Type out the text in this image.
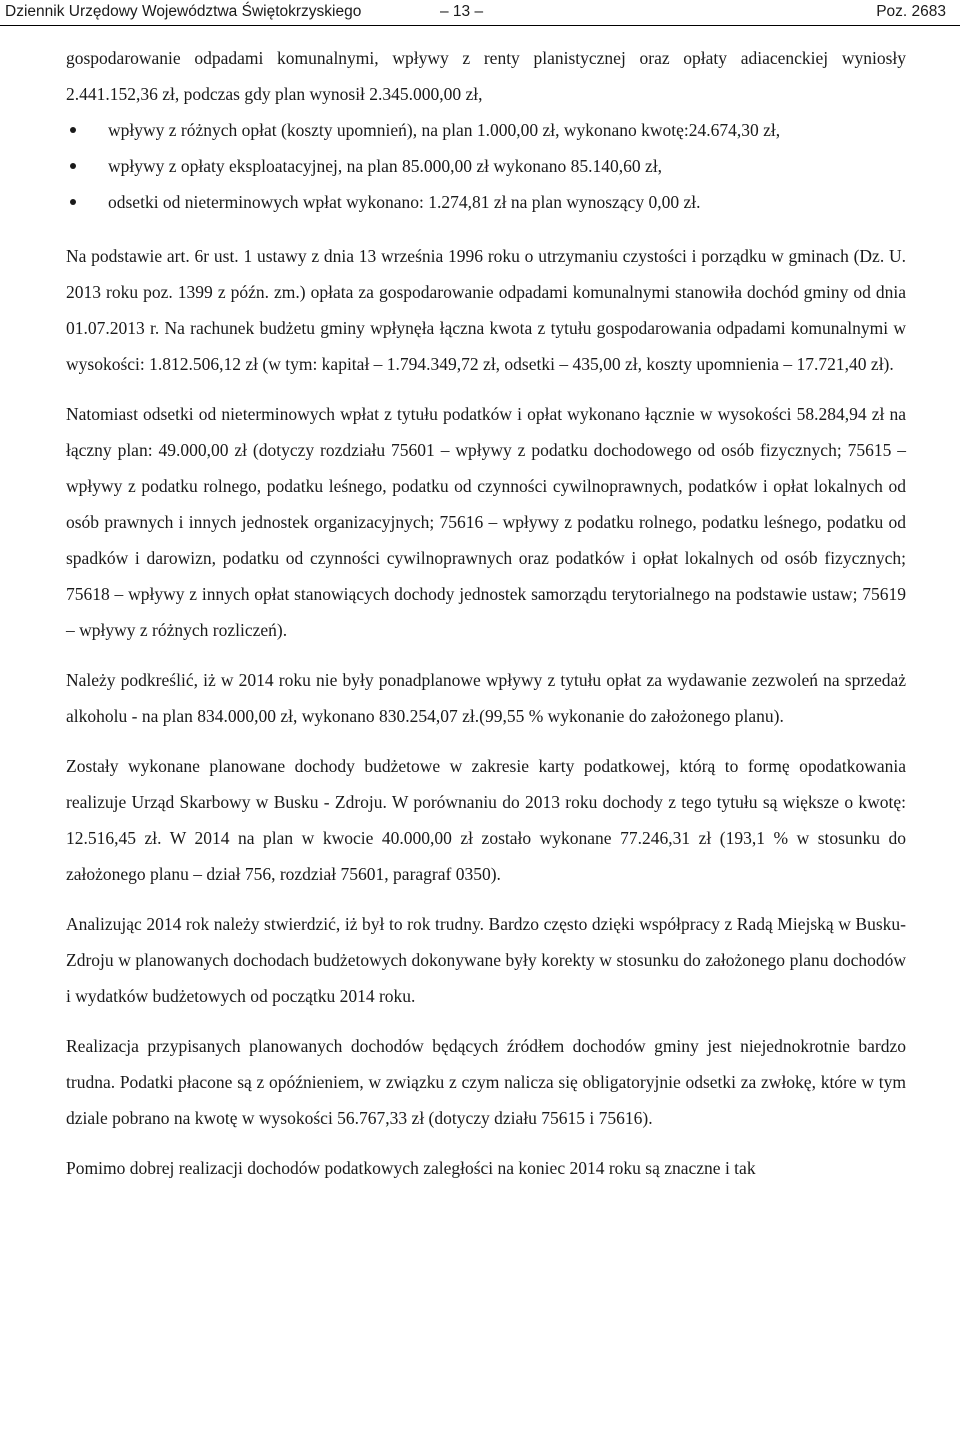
Dziennik Urzędowy Województwa Świętokrzyskiego	– 13 –	Poz. 2683

gospodarowanie odpadami komunalnymi, wpływy z renty planistycznej oraz opłaty adiacenckiej wyniosły 2.441.152,36 zł, podczas gdy plan wynosił 2.345.000,00 zł,

wpływy z różnych opłat (koszty upomnień), na plan 1.000,00 zł, wykonano kwotę:24.674,30 zł,
wpływy z opłaty eksploatacyjnej, na plan 85.000,00 zł wykonano 85.140,60 zł,
odsetki od nieterminowych wpłat wykonano: 1.274,81 zł na plan wynoszący 0,00 zł.

Na podstawie art. 6r ust. 1 ustawy z dnia 13 września 1996 roku o utrzymaniu czystości i porządku w gminach (Dz. U. 2013 roku poz. 1399 z późn. zm.) opłata za gospodarowanie odpadami komunalnymi stanowiła dochód gminy od dnia 01.07.2013 r. Na rachunek budżetu gminy wpłynęła łączna kwota z tytułu gospodarowania odpadami komunalnymi w wysokości: 1.812.506,12 zł (w tym: kapitał – 1.794.349,72 zł, odsetki – 435,00 zł, koszty upomnienia – 17.721,40 zł).

Natomiast odsetki od nieterminowych wpłat z tytułu podatków i opłat wykonano łącznie w wysokości 58.284,94 zł na łączny plan: 49.000,00 zł (dotyczy rozdziału 75601 – wpływy z podatku dochodowego od osób fizycznych; 75615 – wpływy z podatku rolnego, podatku leśnego, podatku od czynności cywilnoprawnych, podatków i opłat lokalnych od osób prawnych i innych jednostek organizacyjnych; 75616 – wpływy z podatku rolnego, podatku leśnego, podatku od spadków i darowizn, podatku od czynności cywilnoprawnych oraz podatków i opłat lokalnych od osób fizycznych; 75618 – wpływy z innych opłat stanowiących dochody jednostek samorządu terytorialnego na podstawie ustaw; 75619 – wpływy z różnych rozliczeń).

Należy podkreślić, iż w 2014 roku nie były ponadplanowe wpływy z tytułu opłat za wydawanie zezwoleń na sprzedaż alkoholu - na plan 834.000,00 zł, wykonano 830.254,07 zł.(99,55 % wykonanie do założonego planu).

Zostały wykonane planowane dochody budżetowe w zakresie karty podatkowej, którą to formę opodatkowania realizuje Urząd Skarbowy w Busku - Zdroju. W porównaniu do 2013 roku dochody z tego tytułu są większe o kwotę: 12.516,45 zł. W 2014 na plan w kwocie 40.000,00 zł zostało wykonane 77.246,31 zł (193,1 % w stosunku do założonego planu – dział 756, rozdział 75601, paragraf 0350).

Analizując 2014 rok należy stwierdzić, iż był to rok trudny. Bardzo często dzięki współpracy z Radą Miejską w Busku-Zdroju w planowanych dochodach budżetowych dokonywane były korekty w stosunku do założonego planu dochodów i wydatków budżetowych od początku 2014 roku.

Realizacja przypisanych planowanych dochodów będących źródłem dochodów gminy jest niejednokrotnie bardzo trudna. Podatki płacone są z opóźnieniem, w związku z czym nalicza się obligatoryjnie odsetki za zwłokę, które w tym dziale pobrano na kwotę w wysokości 56.767,33 zł (dotyczy działu 75615 i 75616).

Pomimo dobrej realizacji dochodów podatkowych zaległości na koniec 2014 roku są znaczne i tak
